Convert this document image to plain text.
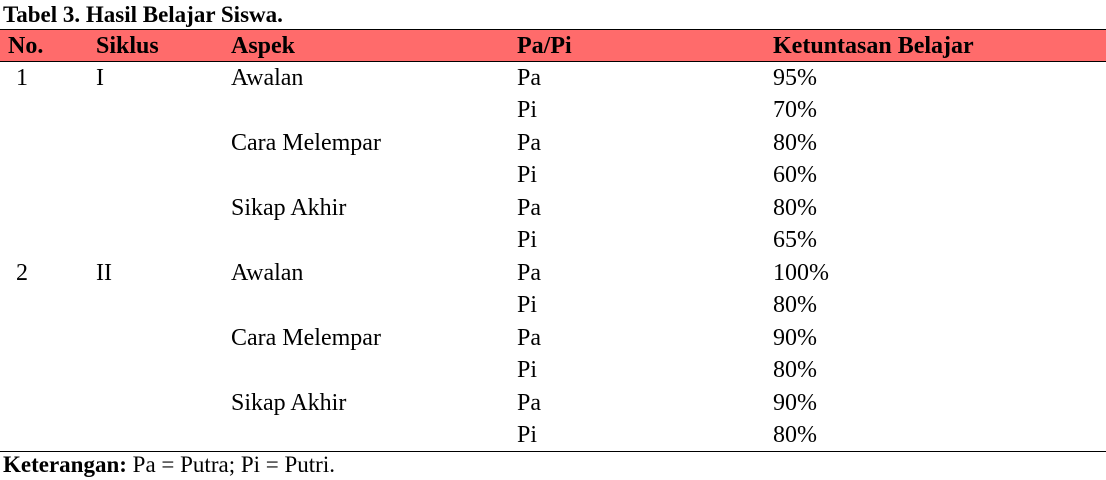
Tabel 3. Hasil Belajar Siswa.
No.	Siklus	Aspek	Pa/Pi	Ketuntasan Belajar
1	I	Awalan	Pa	95%
			Pi	70%
		Cara Melempar	Pa	80%
			Pi	60%
		Sikap Akhir	Pa	80%
			Pi	65%
2	II	Awalan	Pa	100%
			Pi	80%
		Cara Melempar	Pa	90%
			Pi	80%
		Sikap Akhir	Pa	90%
			Pi	80%
Keterangan: Pa = Putra; Pi = Putri.
